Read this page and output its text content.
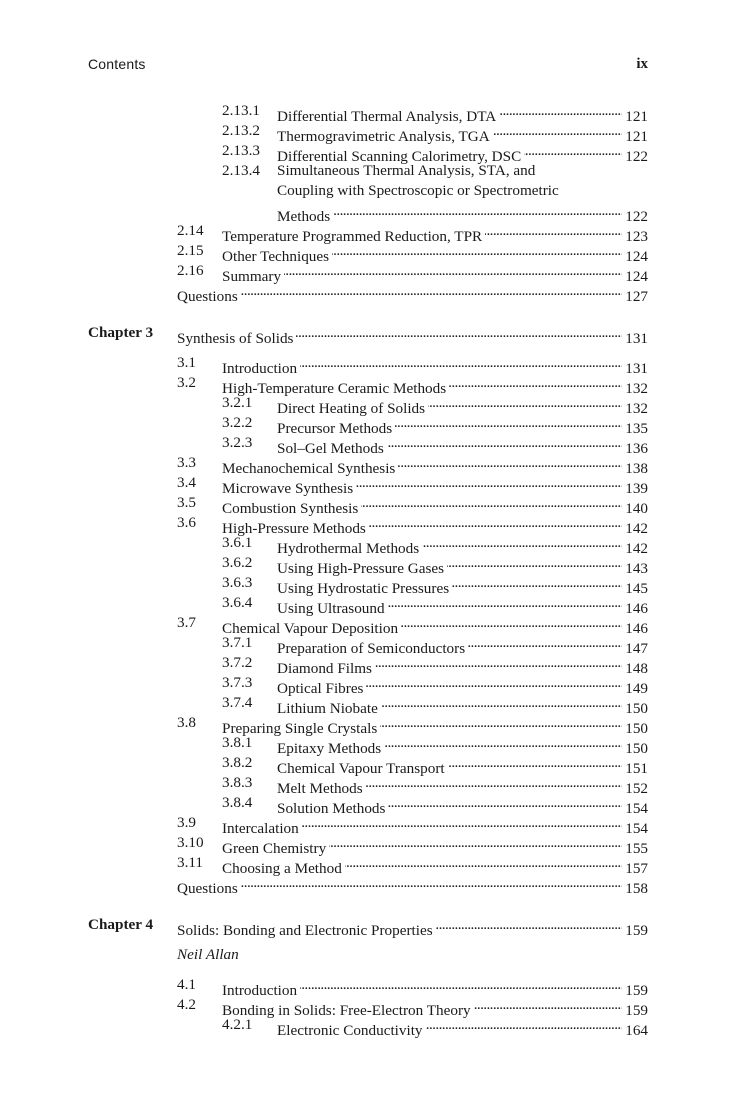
Contents	ix
2.13.1 Differential Thermal Analysis, DTA . . .	121
2.13.2 Thermogravimetric Analysis, TGA . . .	121
2.13.3 Differential Scanning Calorimetry, DSC . . .	122
2.13.4 Simultaneous Thermal Analysis, STA, and
Coupling with Spectroscopic or Spectrometric
Methods . . .	122
2.14 Temperature Programmed Reduction, TPR . . .	123
2.15 Other Techniques . . .	124
2.16 Summary . . .	124
Questions . . .	127
Chapter 3 Synthesis of Solids . . .	131
3.1 Introduction . . .	131
3.2 High-Temperature Ceramic Methods . . .	132
3.2.1 Direct Heating of Solids . . .	132
3.2.2 Precursor Methods . . .	135
3.2.3 Sol–Gel Methods . . .	136
3.3 Mechanochemical Synthesis . . .	138
3.4 Microwave Synthesis . . .	139
3.5 Combustion Synthesis . . .	140
3.6 High-Pressure Methods . . .	142
3.6.1 Hydrothermal Methods . . .	142
3.6.2 Using High-Pressure Gases . . .	143
3.6.3 Using Hydrostatic Pressures . . .	145
3.6.4 Using Ultrasound . . .	146
3.7 Chemical Vapour Deposition . . .	146
3.7.1 Preparation of Semiconductors . . .	147
3.7.2 Diamond Films . . .	148
3.7.3 Optical Fibres . . .	149
3.7.4 Lithium Niobate . . .	150
3.8 Preparing Single Crystals . . .	150
3.8.1 Epitaxy Methods . . .	150
3.8.2 Chemical Vapour Transport . . .	151
3.8.3 Melt Methods . . .	152
3.8.4 Solution Methods . . .	154
3.9 Intercalation . . .	154
3.10 Green Chemistry . . .	155
3.11 Choosing a Method . . .	157
Questions . . .	158
Chapter 4 Solids: Bonding and Electronic Properties . . .	159
Neil Allan
4.1 Introduction . . .	159
4.2 Bonding in Solids: Free-Electron Theory . . .	159
4.2.1 Electronic Conductivity . . .	164
